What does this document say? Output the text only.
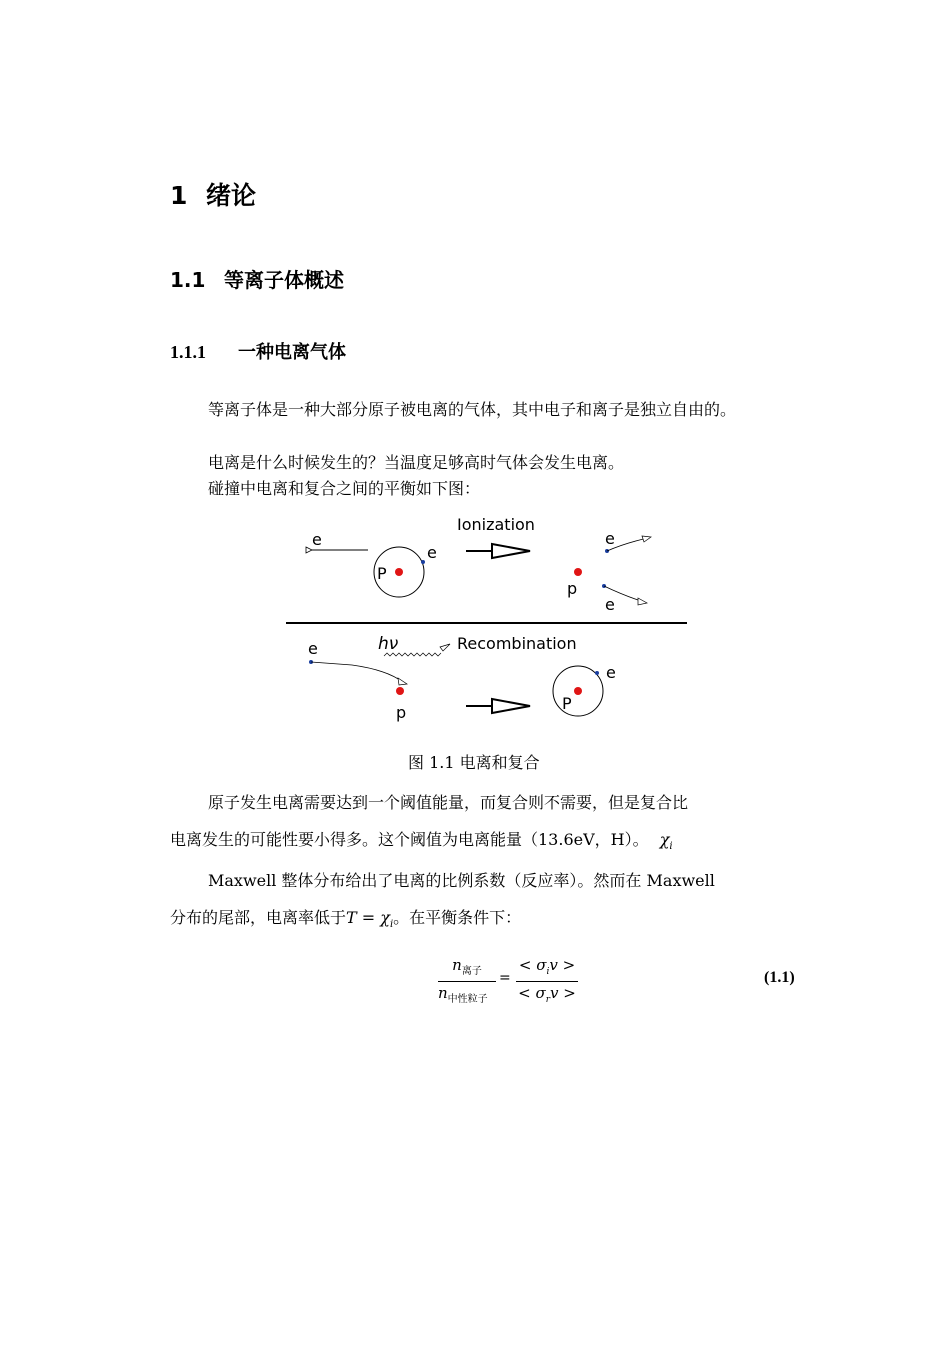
1 绪论
1.1 等离子体概述
1.1.1 一种电离气体
等离子体是一种大部分原子被电离的气体，其中电子和离子是独立自由的。
电离是什么时候发生的？当温度足够高时气体会发生电离。
碰撞中电离和复合之间的平衡如下图：
e
P
e
Ionization
e
p
e
e	hν	Recombination
p	P
e
图 1.1 电离和复合
原子发生电离需要达到一个阈值能量，而复合则不需要，但是复合比
电离发生的可能性要小得多。这个阈值为电离能量（13.6eV，H）。 $\chi_i$
Maxwell 整体分布给出了电离的比例系数（反应率）。然而在 Maxwell
分布的尾部，电离率低于$T = \chi_i$。在平衡条件下：
$n_{离子}$
$n_{中性粒子}$
=
< $\sigma_iv$ >
< $\sigma_rv$ >
(1.1)
